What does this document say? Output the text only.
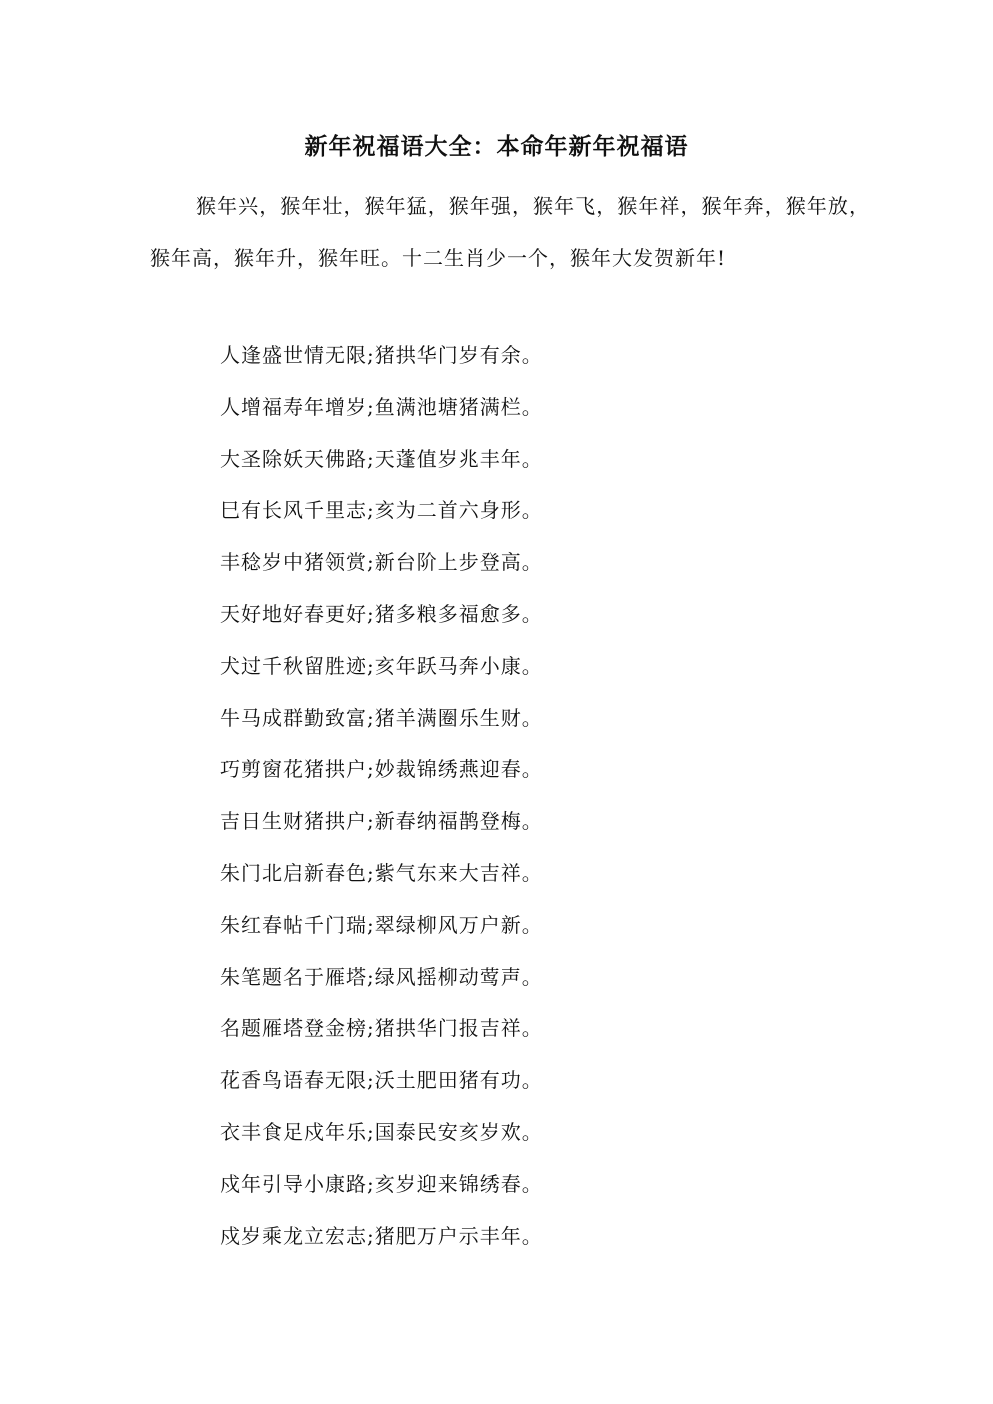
新年祝福语大全：本命年新年祝福语

猴年兴，猴年壮，猴年猛，猴年强，猴年飞，猴年祥，猴年奔，猴年放，猴年高，猴年升，猴年旺。十二生肖少一个，猴年大发贺新年!

人逢盛世情无限;猪拱华门岁有余。
人增福寿年增岁;鱼满池塘猪满栏。
大圣除妖天佛路;天蓬值岁兆丰年。
巳有长风千里志;亥为二首六身形。
丰稔岁中猪领赏;新台阶上步登高。
天好地好春更好;猪多粮多福愈多。
犬过千秋留胜迹;亥年跃马奔小康。
牛马成群勤致富;猪羊满圈乐生财。
巧剪窗花猪拱户;妙裁锦绣燕迎春。
吉日生财猪拱户;新春纳福鹊登梅。
朱门北启新春色;紫气东来大吉祥。
朱红春帖千门瑞;翠绿柳风万户新。
朱笔题名于雁塔;绿风摇柳动莺声。
名题雁塔登金榜;猪拱华门报吉祥。
花香鸟语春无限;沃土肥田猪有功。
衣丰食足戍年乐;国泰民安亥岁欢。
戍年引导小康路;亥岁迎来锦绣春。
戍岁乘龙立宏志;猪肥万户示丰年。
